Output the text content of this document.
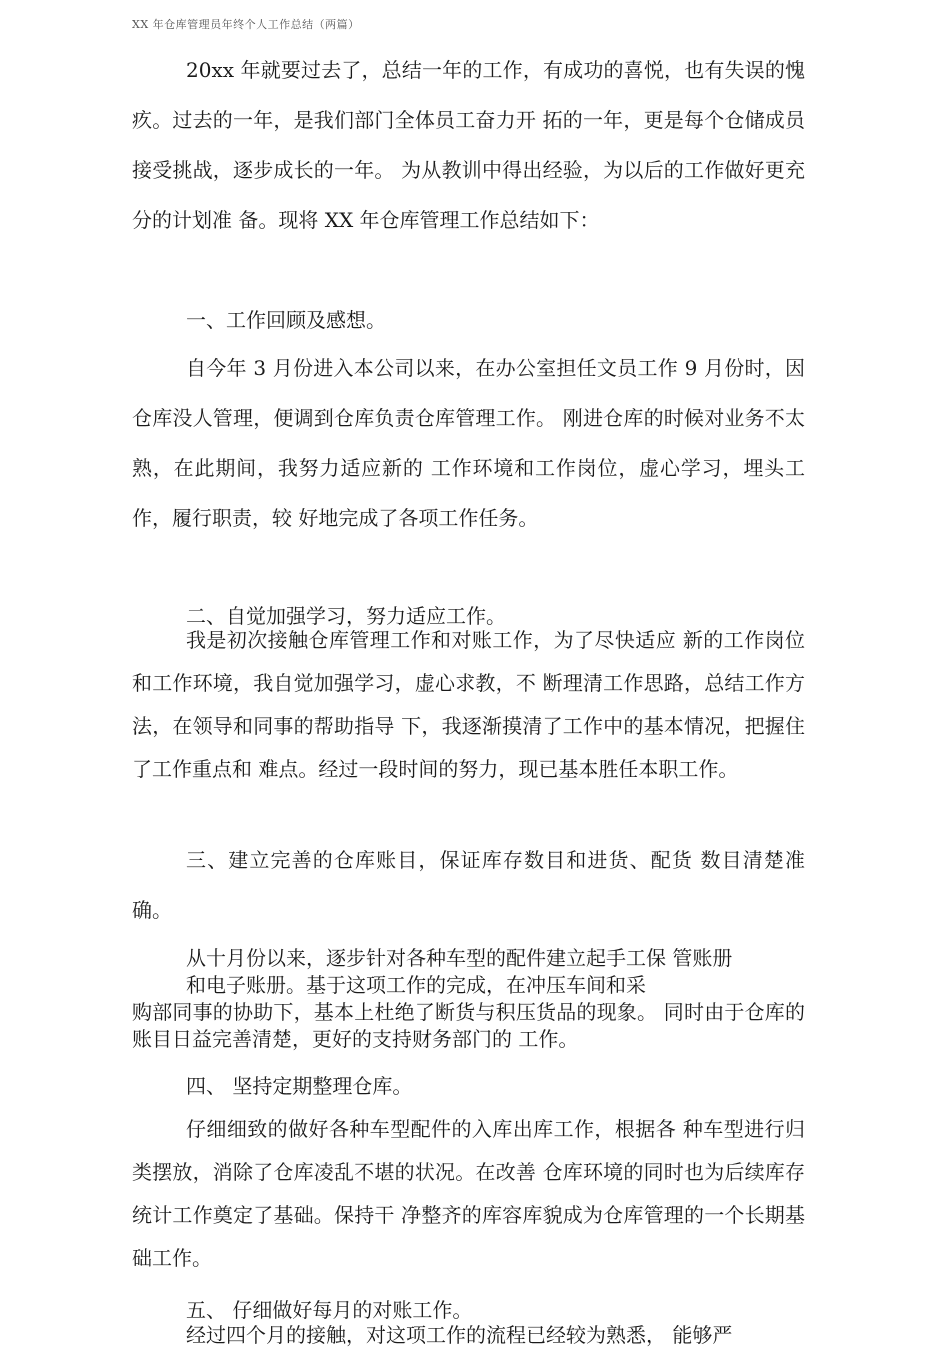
XX 年仓库管理员年终个人工作总结（两篇）

20xx 年就要过去了，总结一年的工作，有成功的喜悦，也有失误的愧疚。过去的一年，是我们部门全体员工奋力开 拓的一年，更是每个仓储成员接受挑战，逐步成长的一年。 为从教训中得出经验，为以后的工作做好更充分的计划准 备。现将 XX 年仓库管理工作总结如下：

一、工作回顾及感想。

自今年 3 月份进入本公司以来，在办公室担任文员工作 9 月份时，因仓库没人管理，便调到仓库负责仓库管理工作。 刚进仓库的时候对业务不太熟，在此期间，我努力适应新的 工作环境和工作岗位，虚心学习，埋头工作，履行职责，较 好地完成了各项工作任务。

二、自觉加强学习，努力适应工作。

我是初次接触仓库管理工作和对账工作，为了尽快适应 新的工作岗位和工作环境，我自觉加强学习，虚心求教，不 断理清工作思路，总结工作方法，在领导和同事的帮助指导 下，我逐渐摸清了工作中的基本情况，把握住了工作重点和 难点。经过一段时间的努力，现已基本胜任本职工作。

三、建立完善的仓库账目，保证库存数目和进货、配货 数目清楚准确。

从十月份以来，逐步针对各种车型的配件建立起手工保 管账册

和电子账册。基于这项工作的完成，在冲压车间和采

购部同事的协助下，基本上杜绝了断货与积压货品的现象。 同时由于仓库的账目日益完善清楚，更好的支持财务部门的 工作。

四、 坚持定期整理仓库。

仔细细致的做好各种车型配件的入库出库工作，根据各 种车型进行归类摆放，消除了仓库凌乱不堪的状况。在改善 仓库环境的同时也为后续库存统计工作奠定了基础。保持干 净整齐的库容库貌成为仓库管理的一个长期基础工作。

五、 仔细做好每月的对账工作。

经过四个月的接触，对这项工作的流程已经较为熟悉， 能够严
